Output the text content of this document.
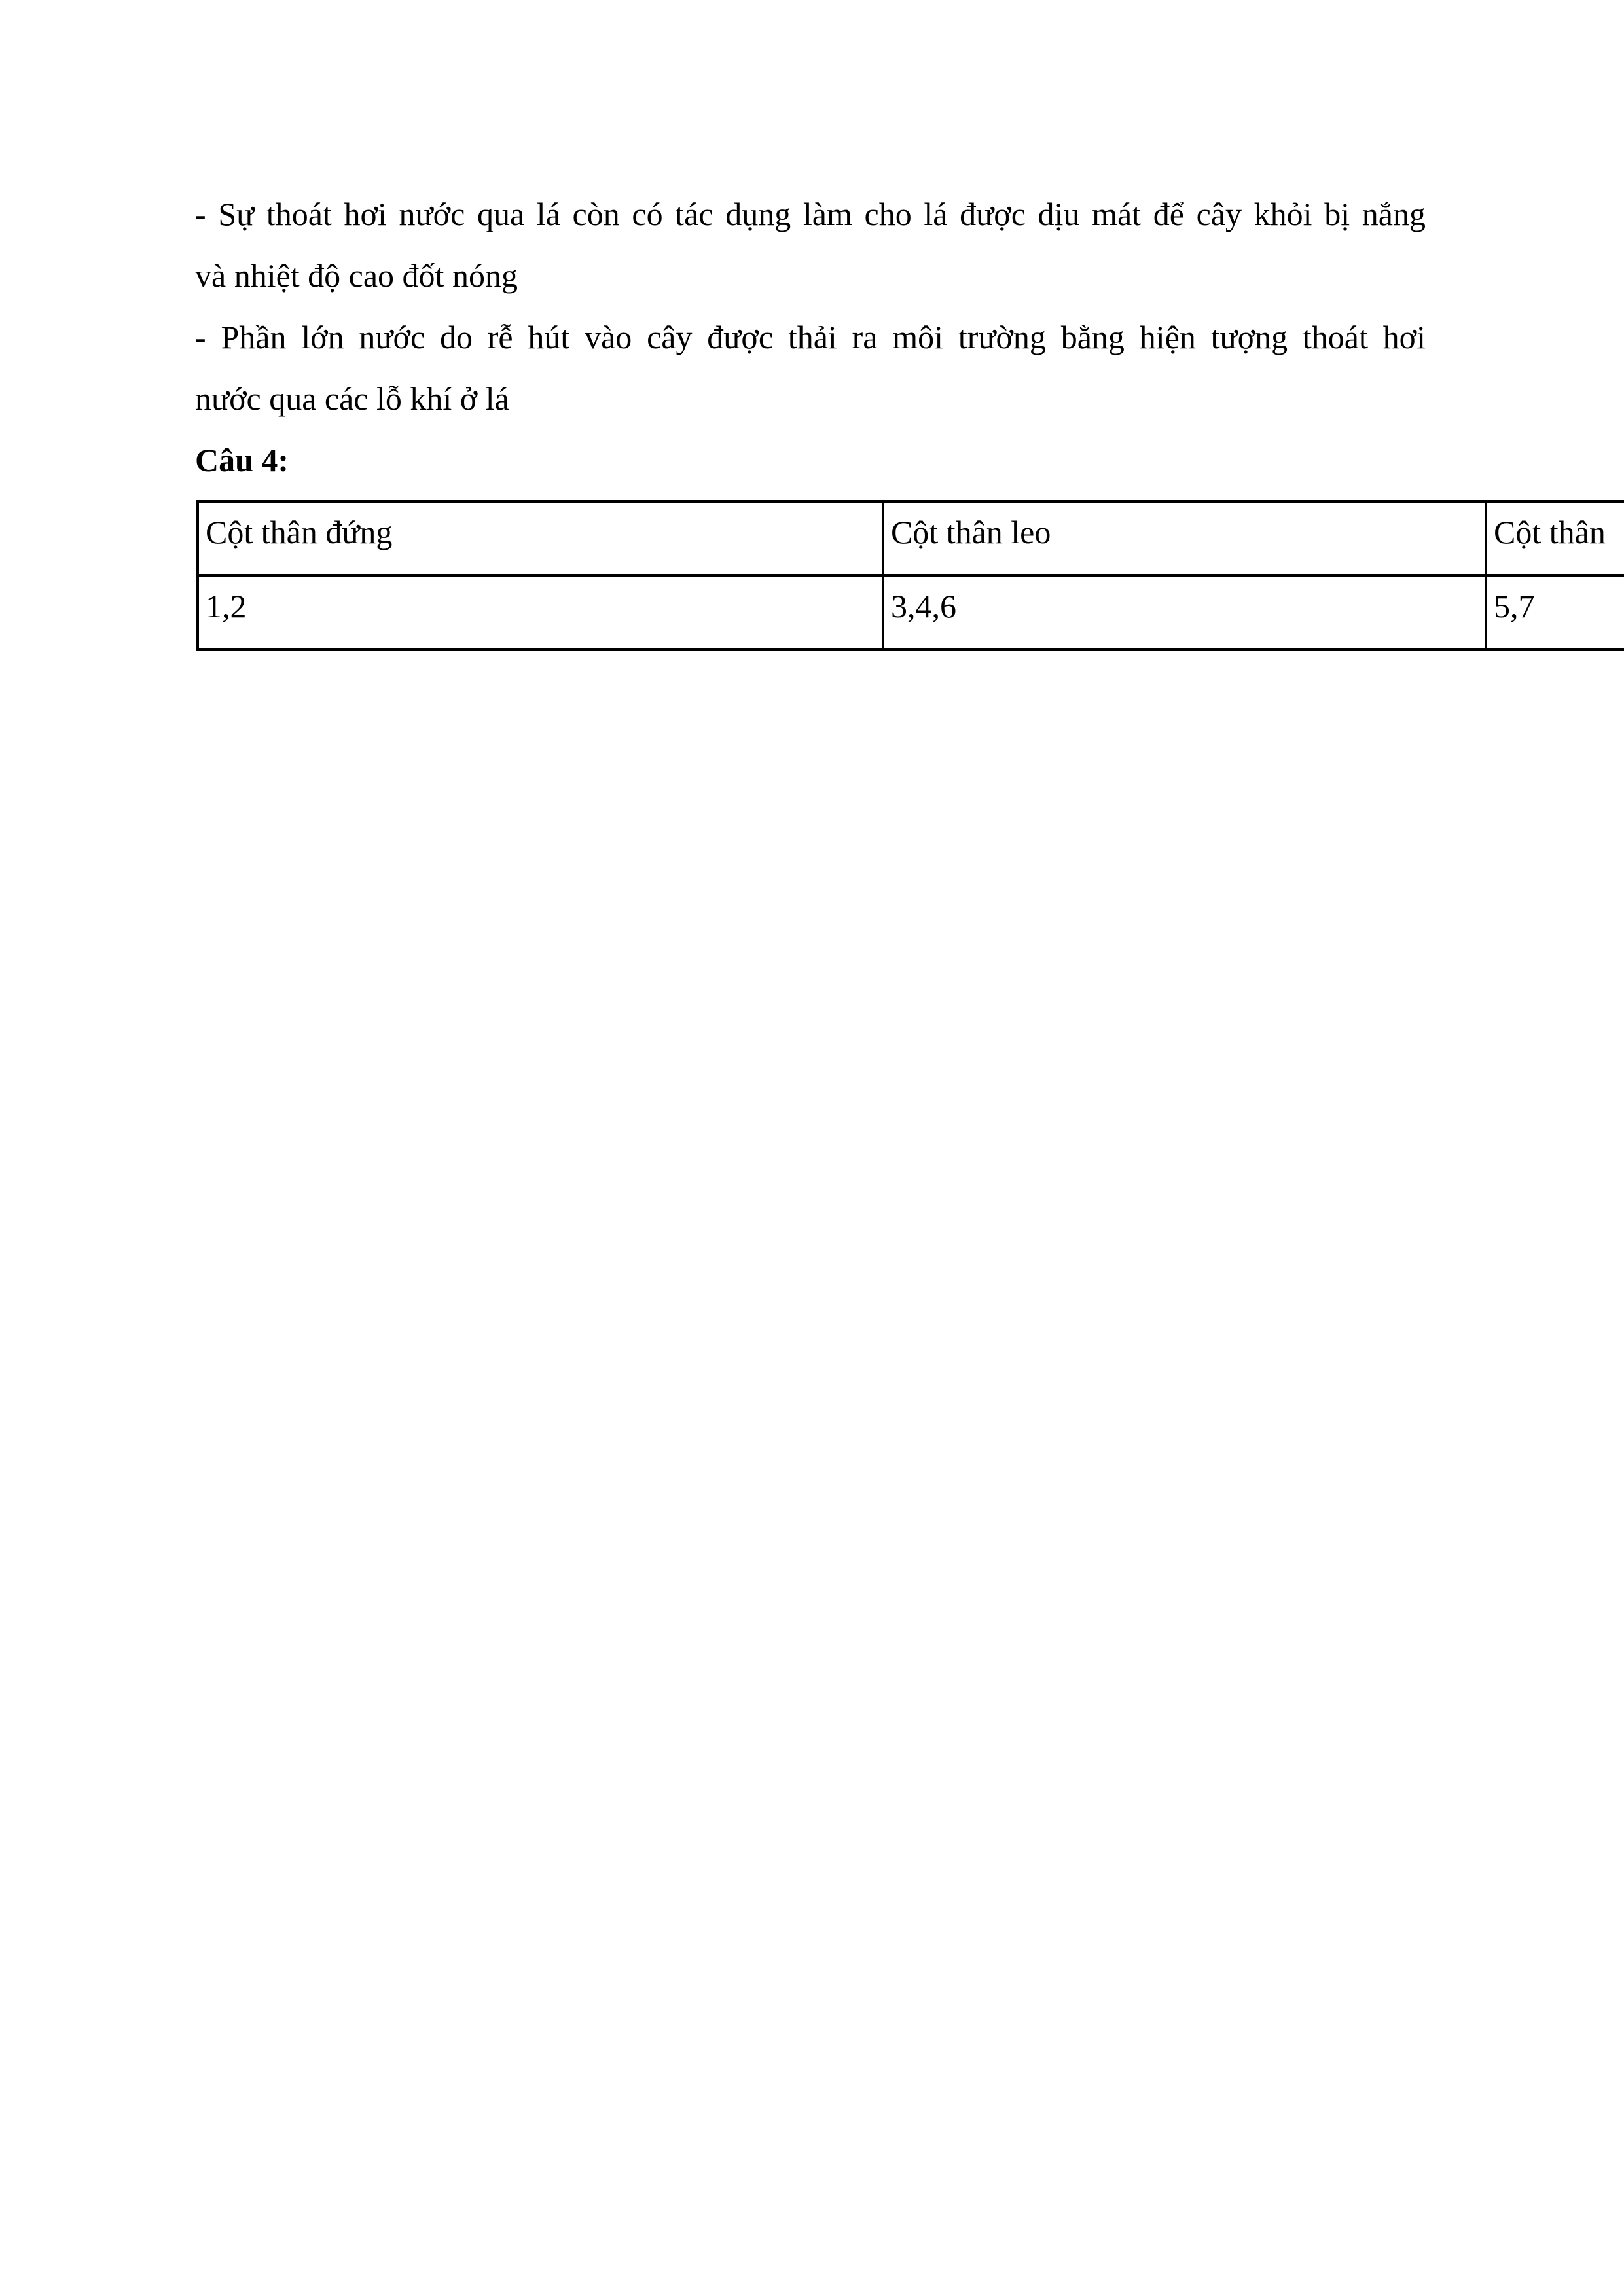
- Sự thoát hơi nước qua lá còn có tác dụng làm cho lá được dịu mát để cây khỏi bị nắng

và nhiệt độ cao đốt nóng

- Phần lớn nước do rễ hút vào cây được thải ra môi trường bằng hiện tượng thoát hơi

nước qua các lỗ khí ở lá

Câu 4:

Cột thân đứng	Cột thân leo	Cột thân

1,2	3,4,6	5,7
